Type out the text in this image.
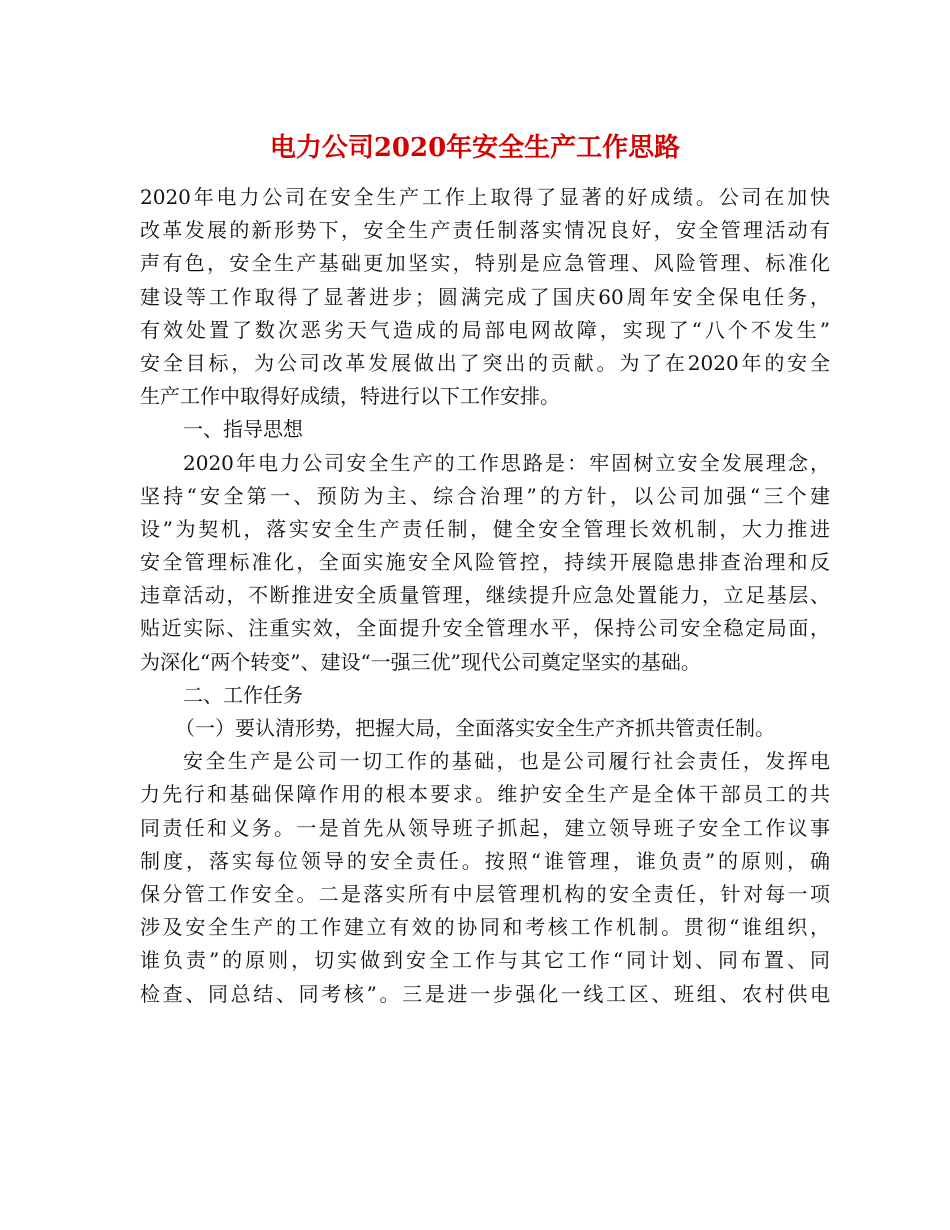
电力公司2020年安全生产工作思路
2020年电力公司在安全生产工作上取得了显著的好成绩。公司在加快
改革发展的新形势下，安全生产责任制落实情况良好，安全管理活动有
声有色，安全生产基础更加坚实，特别是应急管理、风险管理、标准化
建设等工作取得了显著进步；圆满完成了国庆60周年安全保电任务，
有效处置了数次恶劣天气造成的局部电网故障，实现了“八个不发生”
安全目标，为公司改革发展做出了突出的贡献。为了在2020年的安全
生产工作中取得好成绩，特进行以下工作安排。
一、指导思想
2020年电力公司安全生产的工作思路是：牢固树立安全发展理念，
坚持“安全第一、预防为主、综合治理”的方针，以公司加强“三个建
设”为契机，落实安全生产责任制，健全安全管理长效机制，大力推进
安全管理标准化，全面实施安全风险管控，持续开展隐患排查治理和反
违章活动，不断推进安全质量管理，继续提升应急处置能力，立足基层、
贴近实际、注重实效，全面提升安全管理水平，保持公司安全稳定局面，
为深化“两个转变”、建设“一强三优”现代公司奠定坚实的基础。
二、工作任务
（一）要认清形势，把握大局，全面落实安全生产齐抓共管责任制。
安全生产是公司一切工作的基础，也是公司履行社会责任，发挥电
力先行和基础保障作用的根本要求。维护安全生产是全体干部员工的共
同责任和义务。一是首先从领导班子抓起，建立领导班子安全工作议事
制度，落实每位领导的安全责任。按照“谁管理，谁负责”的原则，确
保分管工作安全。二是落实所有中层管理机构的安全责任，针对每一项
涉及安全生产的工作建立有效的协同和考核工作机制。贯彻“谁组织，
谁负责”的原则，切实做到安全工作与其它工作“同计划、同布置、同
检查、同总结、同考核”。三是进一步强化一线工区、班组、农村供电
